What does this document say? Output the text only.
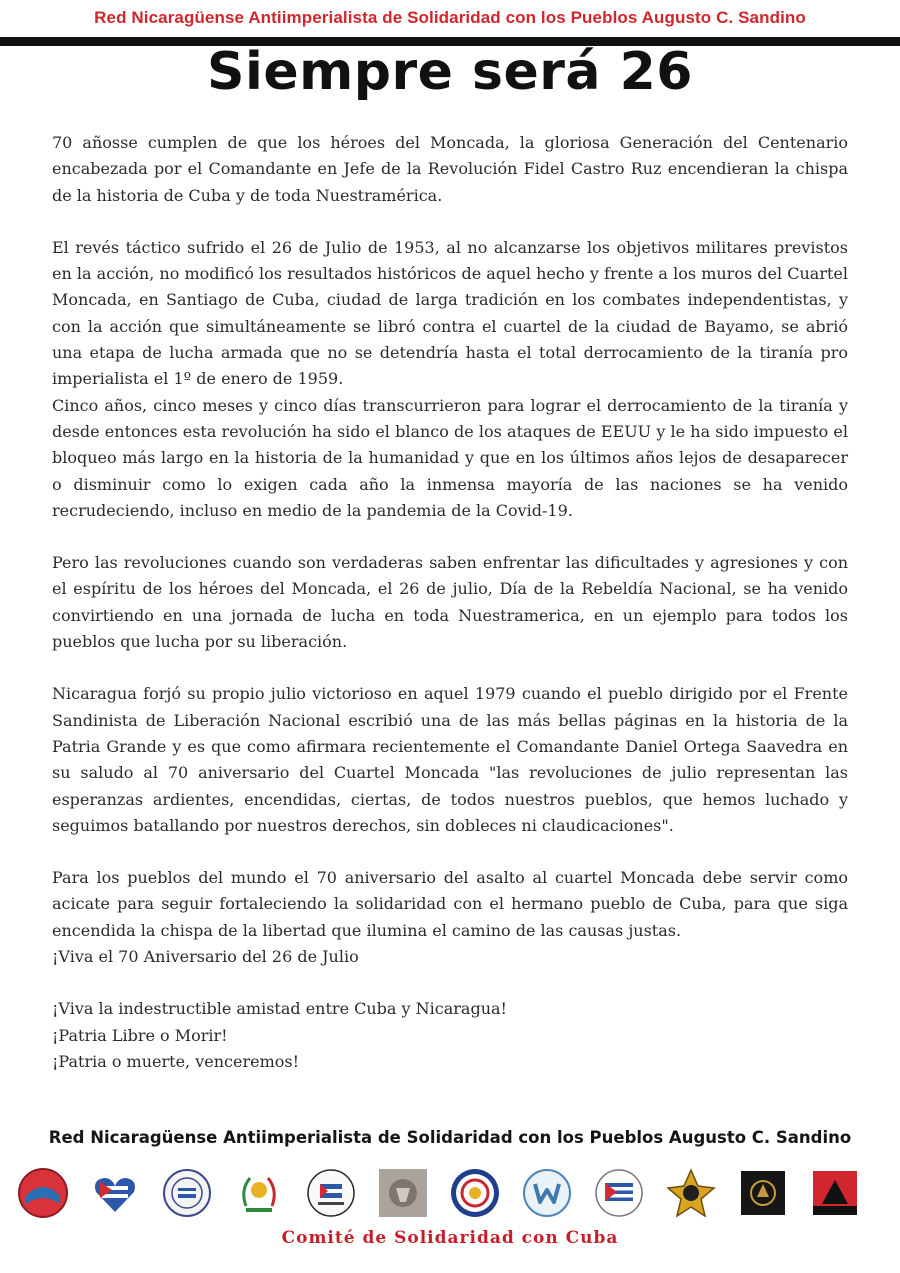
Red Nicaragüense Antiimperialista de Solidaridad con los Pueblos Augusto C. Sandino
Siempre será 26

70 añosse cumplen de que los héroes del Moncada, la gloriosa Generación del Centenario encabezada por el Comandante en Jefe de la Revolución Fidel Castro Ruz encendieran la chispa de la historia de Cuba y de toda Nuestramérica.

El revés táctico sufrido el 26 de Julio de 1953, al no alcanzarse los objetivos militares previstos en la acción, no modificó los resultados históricos de aquel hecho y frente a los muros del Cuartel Moncada, en Santiago de Cuba, ciudad de larga tradición en los combates independentistas, y con la acción que simultáneamente se libró contra el cuartel de la ciudad de Bayamo, se abrió una etapa de lucha armada que no se detendría hasta el total derrocamiento de la tiranía pro imperialista el 1º de enero de 1959.

Cinco años, cinco meses y cinco días transcurrieron para lograr el derrocamiento de la tiranía y desde entonces esta revolución ha sido el blanco de los ataques de EEUU y le ha sido impuesto el bloqueo más largo en la historia de la humanidad y que en los últimos años lejos de desaparecer o disminuir como lo exigen cada año la inmensa mayoría de las naciones se ha venido recrudeciendo, incluso en medio de la pandemia de la Covid-19.

Pero las revoluciones cuando son verdaderas saben enfrentar las dificultades y agresiones y con el espíritu de los héroes del Moncada, el 26 de julio, Día de la Rebeldía Nacional, se ha venido convirtiendo en una jornada de lucha en toda Nuestramerica, en un ejemplo para todos los pueblos que lucha por su liberación.

Nicaragua forjó su propio julio victorioso en aquel 1979 cuando el pueblo dirigido por el Frente Sandinista de Liberación Nacional escribió una de las más bellas páginas en la historia de la Patria Grande y es que como afirmara recientemente el Comandante Daniel Ortega Saavedra en su saludo al 70 aniversario del Cuartel Moncada "las revoluciones de julio representan las esperanzas ardientes, encendidas, ciertas, de todos nuestros pueblos, que hemos luchado y seguimos batallando por nuestros derechos, sin dobleces ni claudicaciones".

Para los pueblos del mundo el 70 aniversario del asalto al cuartel Moncada debe servir como acicate para seguir fortaleciendo la solidaridad con el hermano pueblo de Cuba, para que siga encendida la chispa de la libertad que ilumina el camino de las causas justas.

¡Viva el 70 Aniversario del 26 de Julio

¡Viva la indestructible amistad entre Cuba y Nicaragua!

¡Patria Libre o Morir!

¡Patria o muerte, venceremos!

Red Nicaragüense Antiimperialista de Solidaridad con los Pueblos Augusto C. Sandino
Comité de Solidaridad con Cuba
